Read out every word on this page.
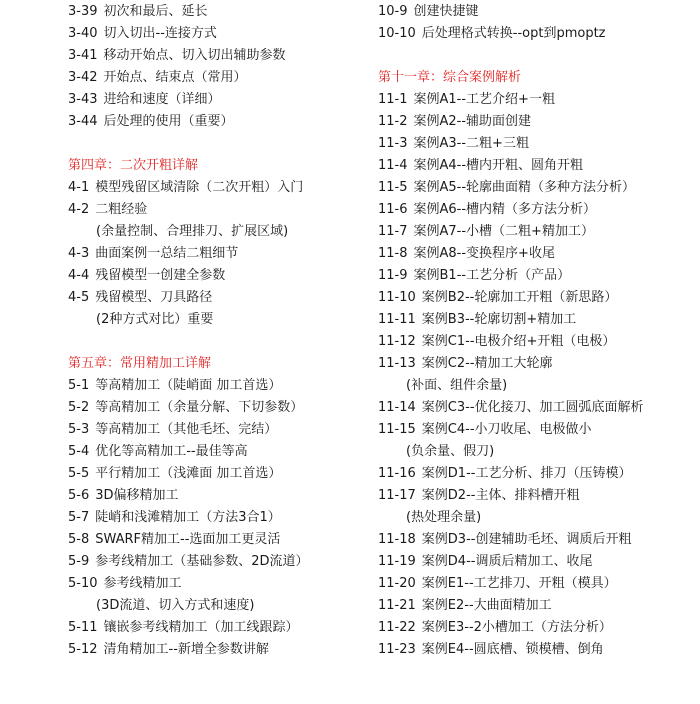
3-39 初次和最后、延长
3-40 切入切出--连接方式
3-41 移动开始点、切入切出辅助参数
3-42 开始点、结束点（常用）
3-43 进给和速度（详细）
3-44 后处理的使用（重要）
第四章：二次开粗详解
4-1 模型残留区域清除（二次开粗）入门
4-2 二粗经验
(余量控制、合理排刀、扩展区域)
4-3 曲面案例一总结二粗细节
4-4 残留模型一创建全参数
4-5 残留模型、刀具路径
(2种方式对比）重要
第五章：常用精加工详解
5-1 等高精加工（陡峭面 加工首选）
5-2 等高精加工（余量分解、下切参数）
5-3 等高精加工（其他毛坯、完结）
5-4 优化等高精加工--最佳等高
5-5 平行精加工（浅滩面 加工首选）
5-6 3D偏移精加工
5-7 陡峭和浅滩精加工（方法3合1）
5-8 SWARF精加工--选面加工更灵活
5-9 参考线精加工（基础参数、2D流道）
5-10 参考线精加工
(3D流道、切入方式和速度)
5-11 镶嵌参考线精加工（加工线跟踪）
5-12 清角精加工--新增全参数讲解
10-9 创建快捷键
10-10 后处理格式转换--opt到pmoptz
第十一章：综合案例解析
11-1 案例A1--工艺介绍+一粗
11-2 案例A2--辅助面创建
11-3 案例A3--二粗+三粗
11-4 案例A4--槽内开粗、圆角开粗
11-5 案例A5--轮廓曲面精（多种方法分析）
11-6 案例A6--槽内精（多方法分析）
11-7 案例A7--小槽（二粗+精加工）
11-8 案例A8--变换程序+收尾
11-9 案例B1--工艺分析（产品）
11-10 案例B2--轮廓加工开粗（新思路）
11-11 案例B3--轮廓切割+精加工
11-12 案例C1--电极介绍+开粗（电极）
11-13 案例C2--精加工大轮廓
(补面、组件余量)
11-14 案例C3--优化接刀、加工圆弧底面解析
11-15 案例C4--小刀收尾、电极做小
(负余量、假刀)
11-16 案例D1--工艺分析、排刀（压铸模）
11-17 案例D2--主体、排料槽开粗
(热处理余量)
11-18 案例D3--创建辅助毛坯、调质后开粗
11-19 案例D4--调质后精加工、收尾
11-20 案例E1--工艺排刀、开粗（模具）
11-21 案例E2--大曲面精加工
11-22 案例E3--2小槽加工（方法分析）
11-23 案例E4--圆底槽、锁模槽、倒角
